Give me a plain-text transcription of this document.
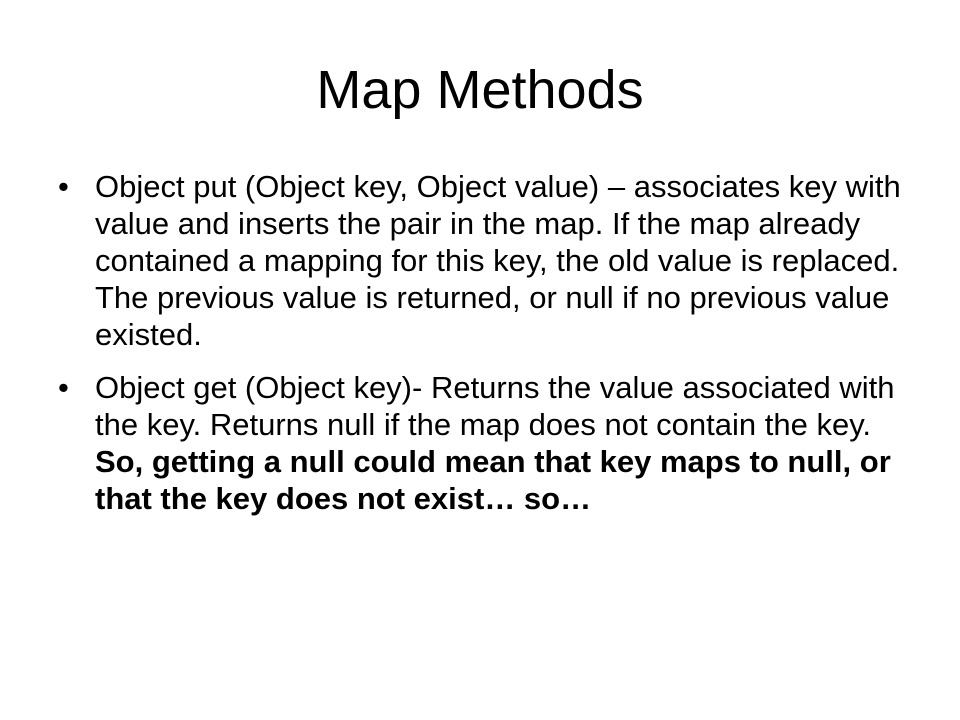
Map Methods
• Object put (Object key, Object value) – associates key with value and inserts the pair in the map. If the map already contained a mapping for this key, the old value is replaced. The previous value is returned, or null if no previous value existed.
• Object get (Object key)- Returns the value associated with the key. Returns null if the map does not contain the key. So, getting a null could mean that key maps to null, or that the key does not exist… so…
